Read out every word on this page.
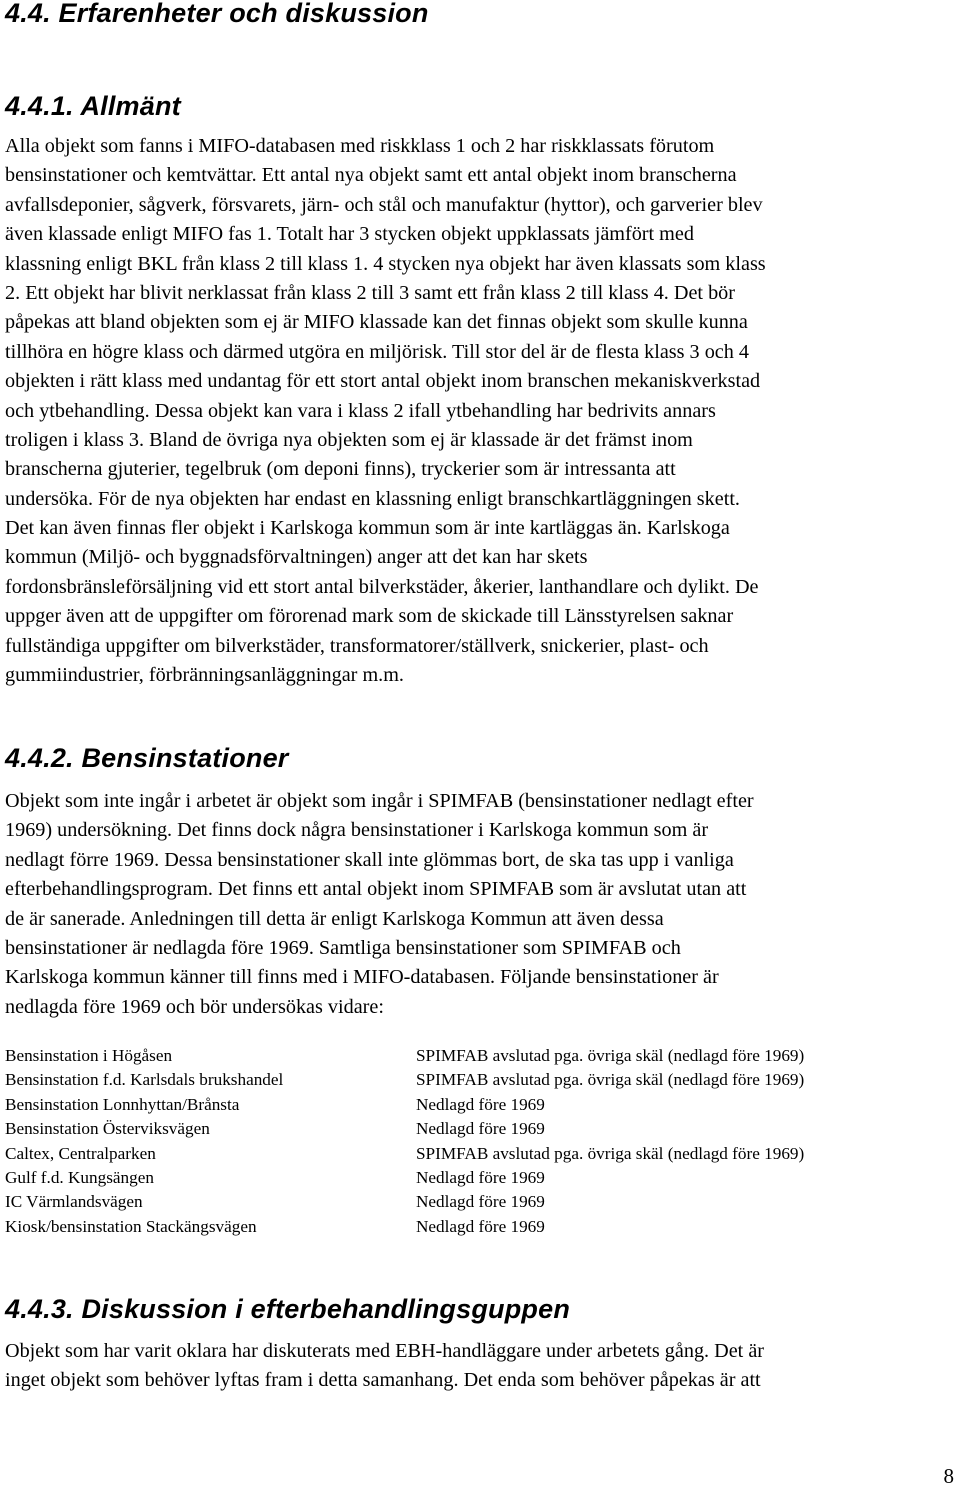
4.4. Erfarenheter och diskussion
4.4.1. Allmänt
Alla objekt som fanns i MIFO-databasen med riskklass 1 och 2 har riskklassats förutom
bensinstationer och kemtvättar. Ett antal nya objekt samt ett antal objekt inom branscherna
avfallsdeponier, sågverk, försvarets, järn- och stål och manufaktur (hyttor), och garverier blev
även klassade enligt MIFO fas 1. Totalt har 3 stycken objekt uppklassats jämfört med
klassning enligt BKL från klass 2 till klass 1. 4 stycken nya objekt har även klassats som klass
2. Ett objekt har blivit nerklassat från klass 2 till 3 samt ett från klass 2 till klass 4. Det bör
påpekas att bland objekten som ej är MIFO klassade kan det finnas objekt som skulle kunna
tillhöra en högre klass och därmed utgöra en miljörisk. Till stor del är de flesta klass 3 och 4
objekten i rätt klass med undantag för ett stort antal objekt inom branschen mekaniskverkstad
och ytbehandling. Dessa objekt kan vara i klass 2 ifall ytbehandling har bedrivits annars
troligen i klass 3. Bland de övriga nya objekten som ej är klassade är det främst inom
branscherna gjuterier, tegelbruk (om deponi finns), tryckerier som är intressanta att
undersöka. För de nya objekten har endast en klassning enligt branschkartläggningen skett.
Det kan även finnas fler objekt i Karlskoga kommun som är inte kartläggas än. Karlskoga
kommun (Miljö- och byggnadsförvaltningen) anger att det kan har skets
fordonsbränsleförsäljning vid ett stort antal bilverkstäder, åkerier, lanthandlare och dylikt. De
uppger även att de uppgifter om förorenad mark som de skickade till Länsstyrelsen saknar
fullständiga uppgifter om bilverkstäder, transformatorer/ställverk, snickerier, plast- och
gummiindustrier, förbränningsanläggningar m.m.
4.4.2. Bensinstationer
Objekt som inte ingår i arbetet är objekt som ingår i SPIMFAB (bensinstationer nedlagt efter
1969) undersökning. Det finns dock några bensinstationer i Karlskoga kommun som är
nedlagt förre 1969. Dessa bensinstationer skall inte glömmas bort, de ska tas upp i vanliga
efterbehandlingsprogram. Det finns ett antal objekt inom SPIMFAB som är avslutat utan att
de är sanerade. Anledningen till detta är enligt Karlskoga Kommun att även dessa
bensinstationer är nedlagda före 1969. Samtliga bensinstationer som SPIMFAB och
Karlskoga kommun känner till finns med i MIFO-databasen. Följande bensinstationer är
nedlagda före 1969 och bör undersökas vidare:
Bensinstation i Högåsen	SPIMFAB avslutad pga. övriga skäl (nedlagd före 1969)
Bensinstation f.d. Karlsdals brukshandel	SPIMFAB avslutad pga. övriga skäl (nedlagd före 1969)
Bensinstation Lonnhyttan/Brånsta	Nedlagd före 1969
Bensinstation Österviksvägen	Nedlagd före 1969
Caltex, Centralparken	SPIMFAB avslutad pga. övriga skäl (nedlagd före 1969)
Gulf f.d. Kungsängen	Nedlagd före 1969
IC Värmlandsvägen	Nedlagd före 1969
Kiosk/bensinstation Stackängsvägen	Nedlagd före 1969
4.4.3. Diskussion i efterbehandlingsguppen
Objekt som har varit oklara har diskuterats med EBH-handläggare under arbetets gång. Det är
inget objekt som behöver lyftas fram i detta samanhang. Det enda som behöver påpekas är att
8
